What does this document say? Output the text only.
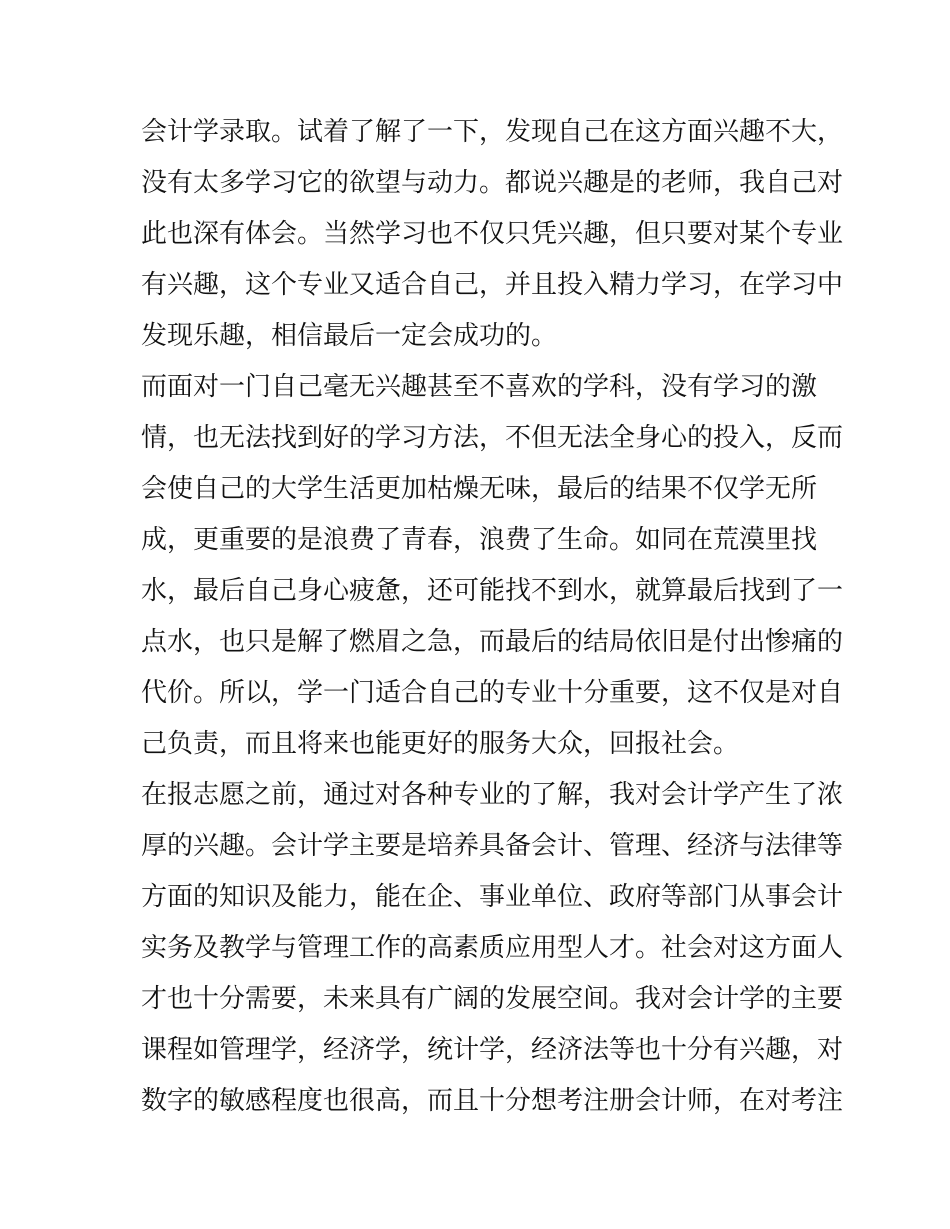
会计学录取。试着了解了一下，发现自己在这方面兴趣不大，
没有太多学习它的欲望与动力。都说兴趣是的老师，我自己对
此也深有体会。当然学习也不仅只凭兴趣，但只要对某个专业
有兴趣，这个专业又适合自己，并且投入精力学习，在学习中
发现乐趣，相信最后一定会成功的。
而面对一门自己毫无兴趣甚至不喜欢的学科，没有学习的激
情，也无法找到好的学习方法，不但无法全身心的投入，反而
会使自己的大学生活更加枯燥无味，最后的结果不仅学无所
成，更重要的是浪费了青春，浪费了生命。如同在荒漠里找
水，最后自己身心疲惫，还可能找不到水，就算最后找到了一
点水，也只是解了燃眉之急，而最后的结局依旧是付出惨痛的
代价。所以，学一门适合自己的专业十分重要，这不仅是对自
己负责，而且将来也能更好的服务大众，回报社会。
在报志愿之前，通过对各种专业的了解，我对会计学产生了浓
厚的兴趣。会计学主要是培养具备会计、管理、经济与法律等
方面的知识及能力，能在企、事业单位、政府等部门从事会计
实务及教学与管理工作的高素质应用型人才。社会对这方面人
才也十分需要，未来具有广阔的发展空间。我对会计学的主要
课程如管理学，经济学，统计学，经济法等也十分有兴趣，对
数字的敏感程度也很高，而且十分想考注册会计师，在对考注
